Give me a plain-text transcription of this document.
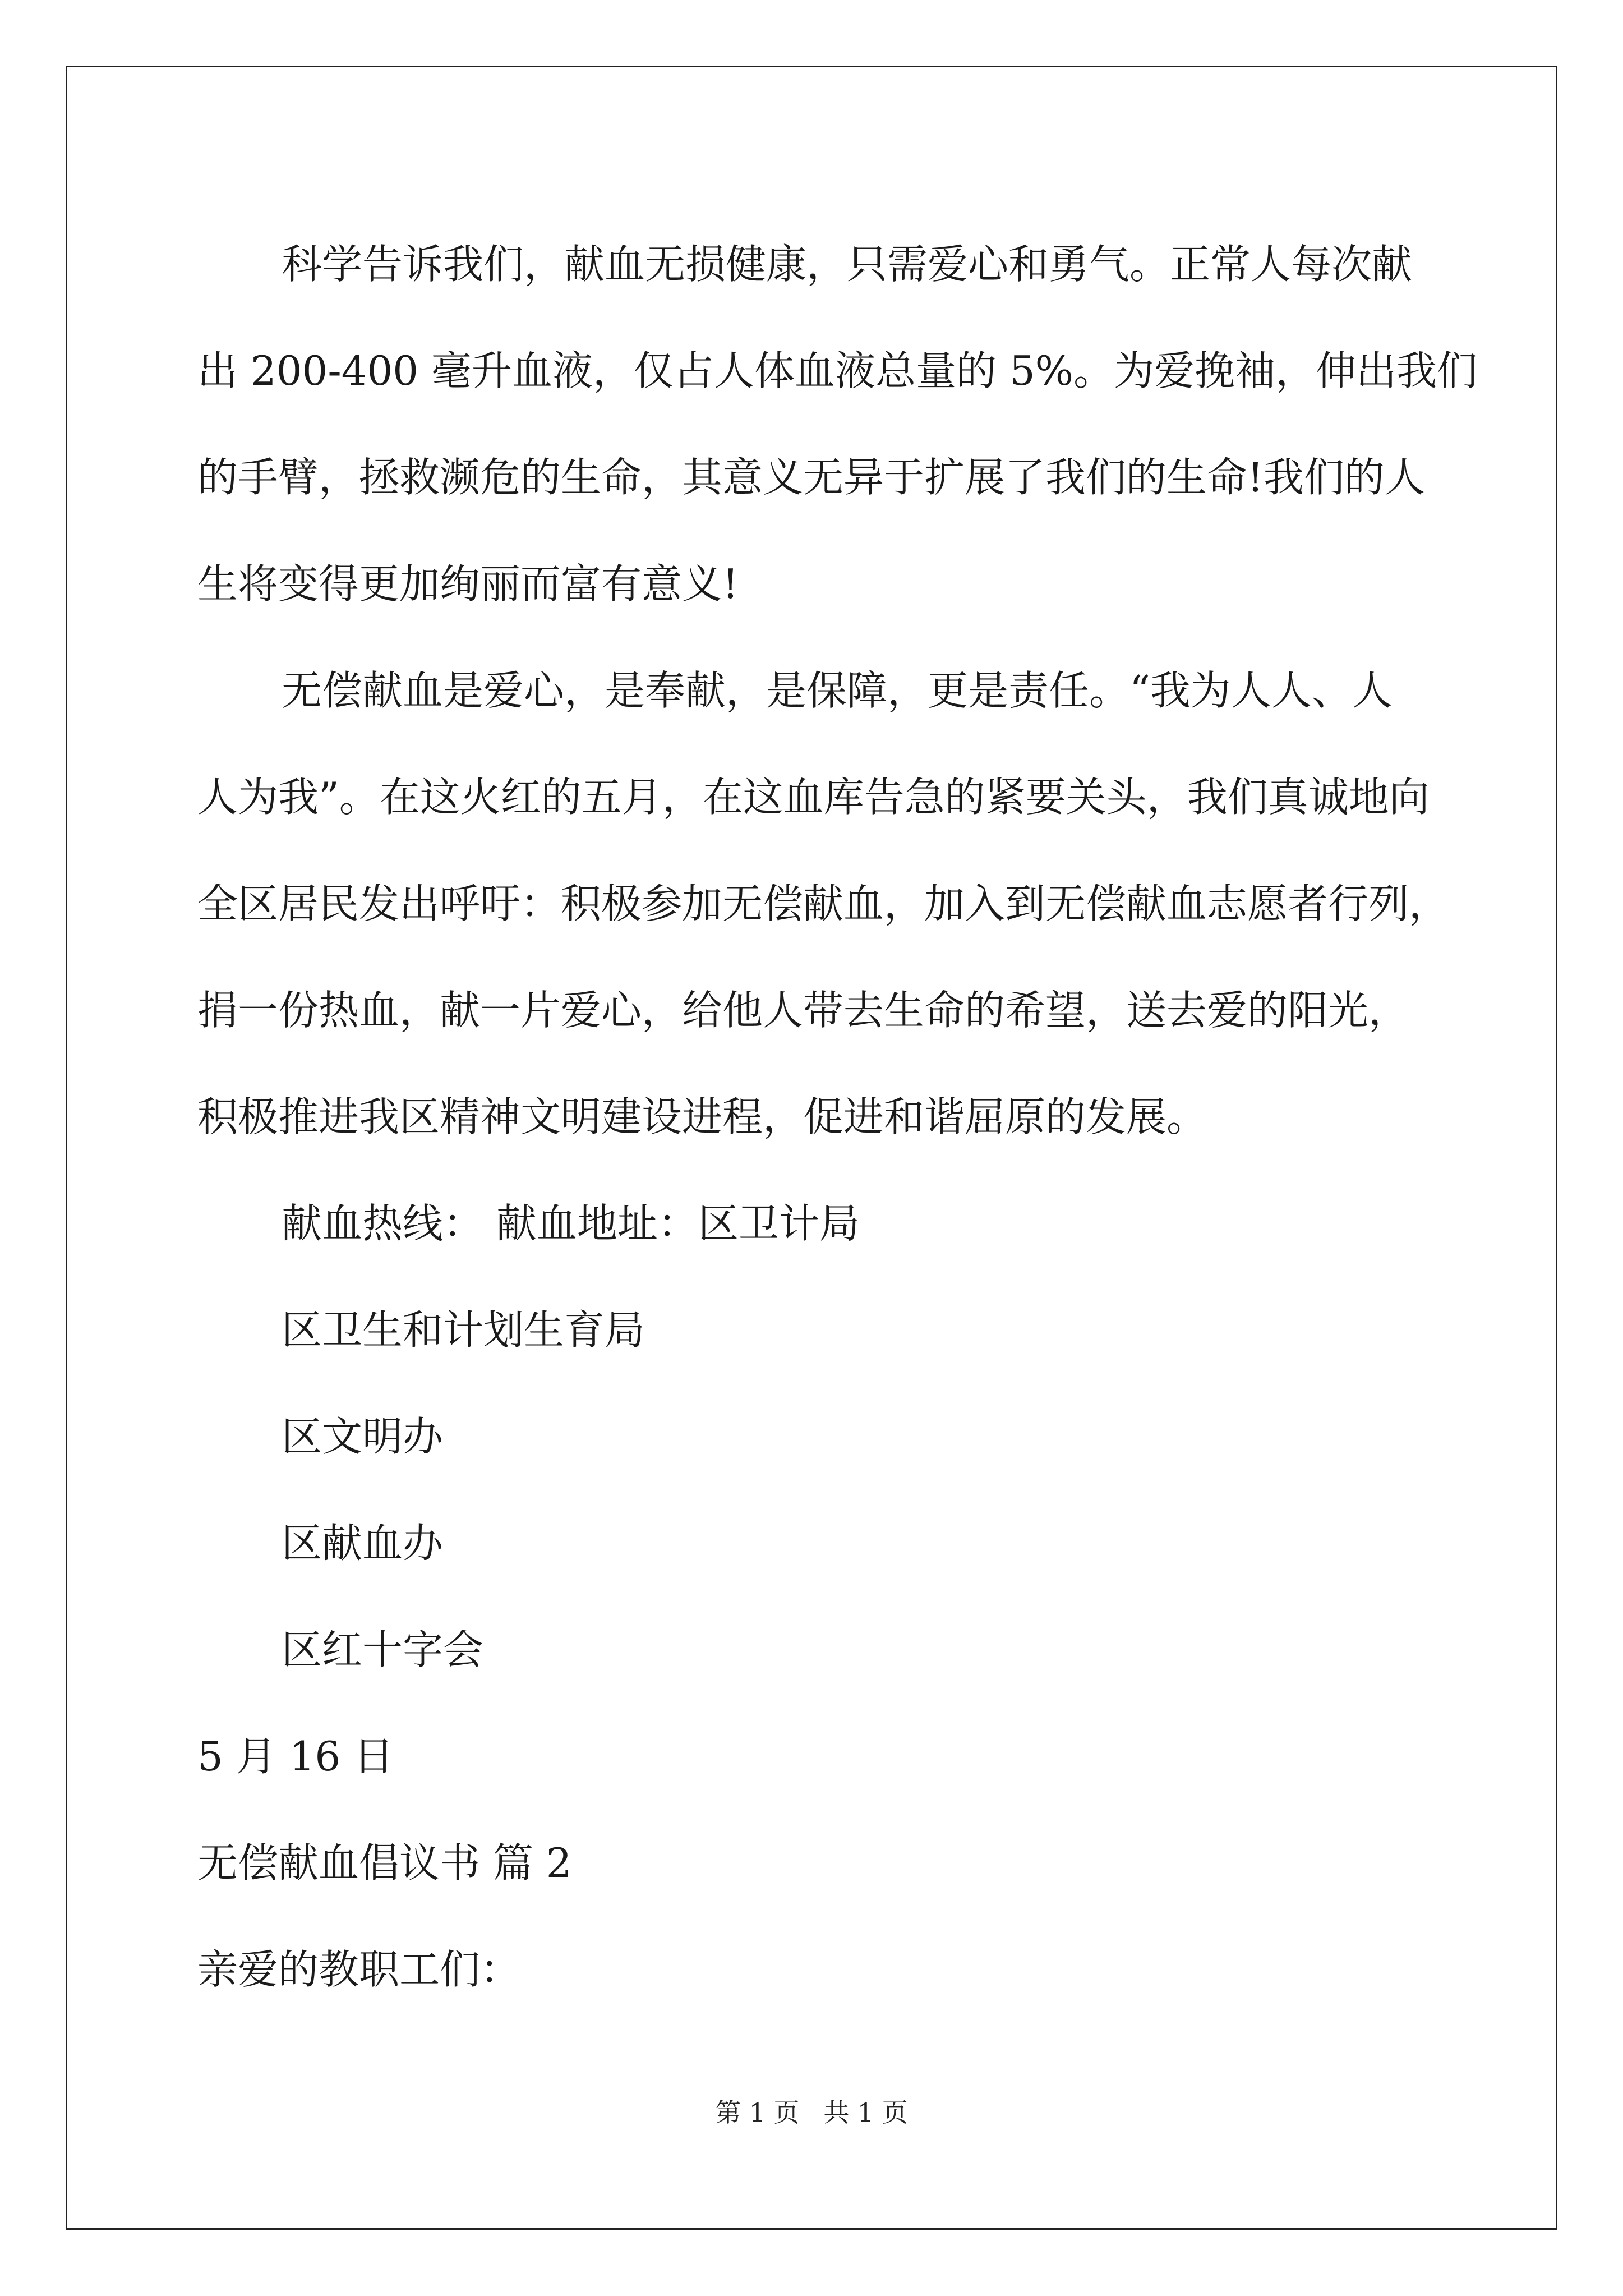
科学告诉我们，献血无损健康，只需爱心和勇气。正常人每次献
出 200-400 毫升血液，仅占人体血液总量的 5%。为爱挽袖，伸出我们
的手臂，拯救濒危的生命，其意义无异于扩展了我们的生命!我们的人
生将变得更加绚丽而富有意义!
无偿献血是爱心，是奉献，是保障，更是责任。“我为人人、人
人为我”。在这火红的五月，在这血库告急的紧要关头，我们真诚地向
全区居民发出呼吁：积极参加无偿献血，加入到无偿献血志愿者行列，
捐一份热血，献一片爱心，给他人带去生命的希望，送去爱的阳光，
积极推进我区精神文明建设进程，促进和谐屈原的发展。
献血热线： 献血地址：区卫计局
区卫生和计划生育局
区文明办
区献血办
区红十字会
5 月 16 日
无偿献血倡议书 篇 2
亲爱的教职工们：
第 1 页 共 1 页
